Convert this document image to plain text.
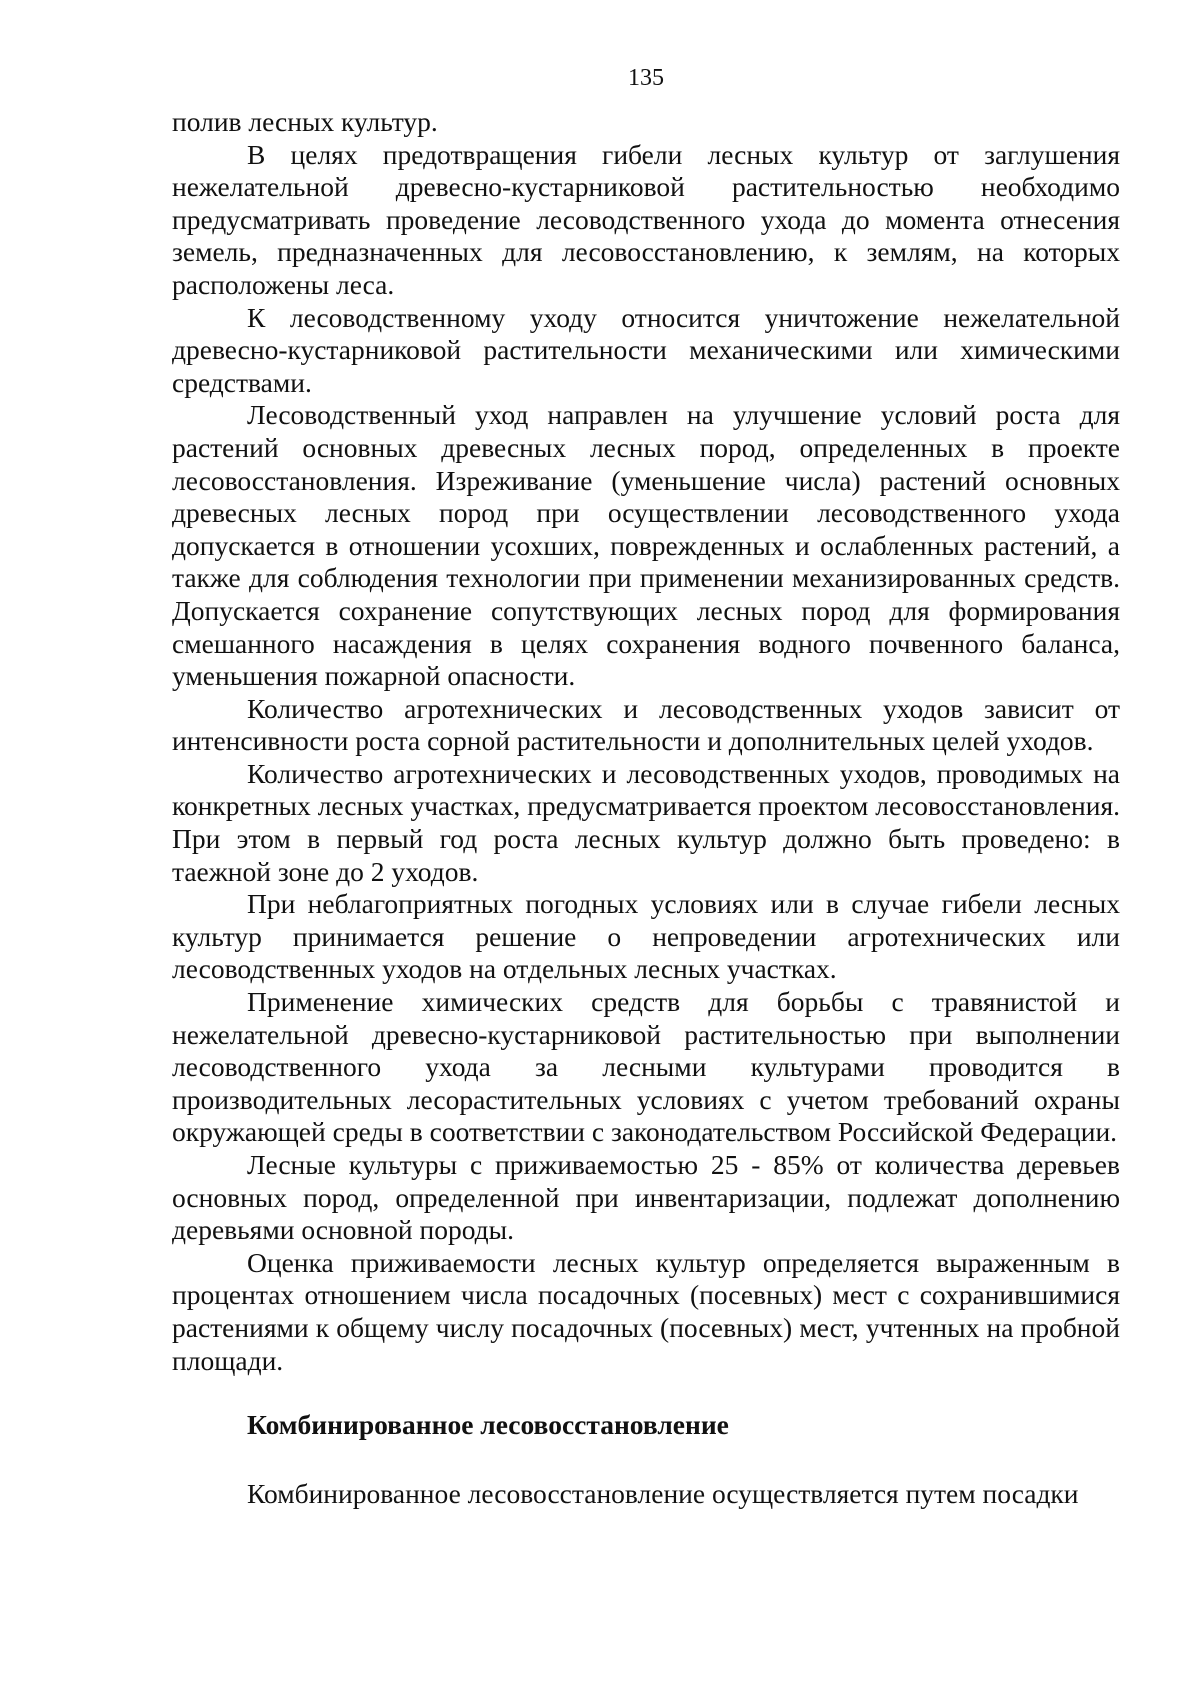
135

полив лесных культур.

В целях предотвращения гибели лесных культур от заглушения нежелательной древесно-кустарниковой растительностью необходимо предусматривать проведение лесоводственного ухода до момента отнесения земель, предназначенных для лесовосстановлению, к землям, на которых расположены леса.

К лесоводственному уходу относится уничтожение нежелательной древесно-кустарниковой растительности механическими или химическими средствами.

Лесоводственный уход направлен на улучшение условий роста для растений основных древесных лесных пород, определенных в проекте лесовосстановления. Изреживание (уменьшение числа) растений основных древесных лесных пород при осуществлении лесоводственного ухода допускается в отношении усохших, поврежденных и ослабленных растений, а также для соблюдения технологии при применении механизированных средств. Допускается сохранение сопутствующих лесных пород для формирования смешанного насаждения в целях сохранения водного почвенного баланса, уменьшения пожарной опасности.

Количество агротехнических и лесоводственных уходов зависит от интенсивности роста сорной растительности и дополнительных целей уходов.

Количество агротехнических и лесоводственных уходов, проводимых на конкретных лесных участках, предусматривается проектом лесовосстановления. При этом в первый год роста лесных культур должно быть проведено: в таежной зоне до 2 уходов.

При неблагоприятных погодных условиях или в случае гибели лесных культур принимается решение о непроведении агротехнических или лесоводственных уходов на отдельных лесных участках.

Применение химических средств для борьбы с травянистой и нежелательной древесно-кустарниковой растительностью при выполнении лесоводственного ухода за лесными культурами проводится в производительных лесорастительных условиях с учетом требований охраны окружающей среды в соответствии с законодательством Российской Федерации.

Лесные культуры с приживаемостью 25 - 85% от количества деревьев основных пород, определенной при инвентаризации, подлежат дополнению деревьями основной породы.

Оценка приживаемости лесных культур определяется выраженным в процентах отношением числа посадочных (посевных) мест с сохранившимися растениями к общему числу посадочных (посевных) мест, учтенных на пробной площади.

Комбинированное лесовосстановление

Комбинированное лесовосстановление осуществляется путем посадки
